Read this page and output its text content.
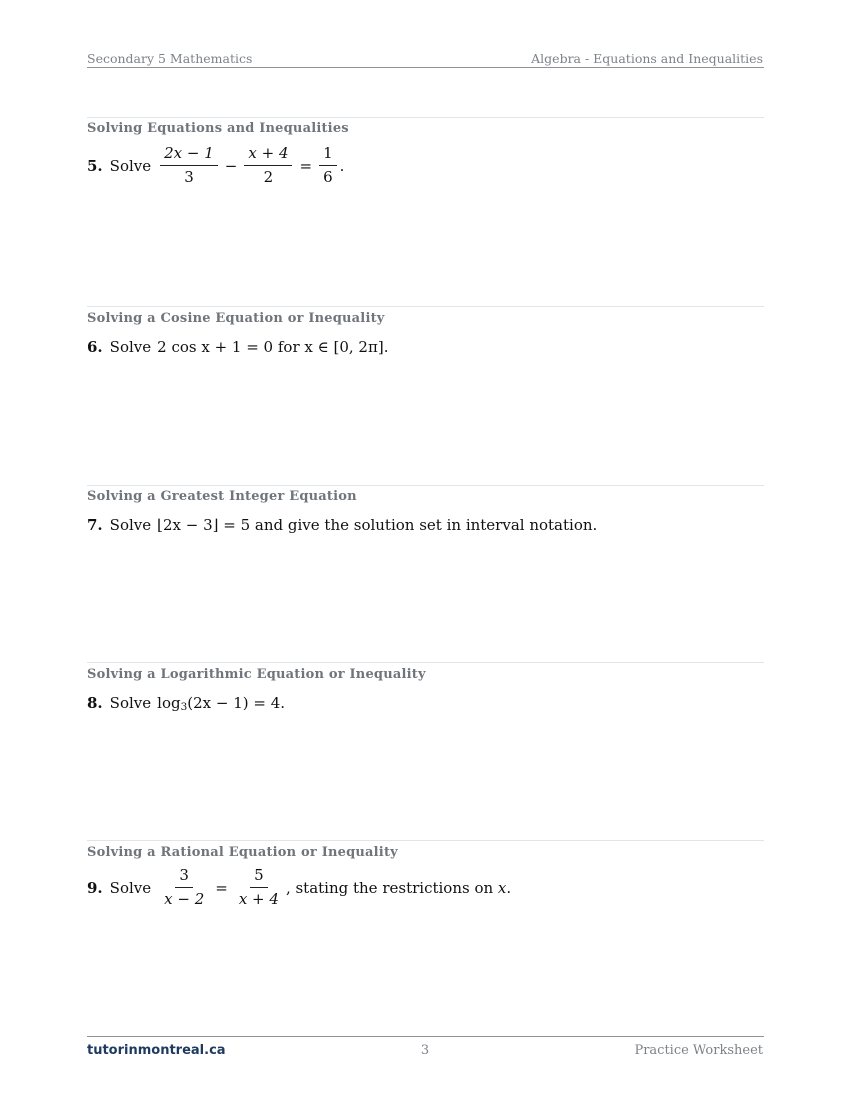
Secondary 5 Mathematics	Algebra - Equations and Inequalities
Solving Equations and Inequalities
5. Solve $\frac{2x - 1}{3} - \frac{x + 4}{2} = \frac{1}{6}$ .
Solving a Cosine Equation or Inequality
6. Solve 2 cos x + 1 = 0 for x ∈ [0, 2π] .
Solving a Greatest Integer Equation
7. Solve ⌊2x − 3⌋ = 5 and give the solution set in interval notation.
Solving a Logarithmic Equation or Inequality
8. Solve log 3 (2x − 1) = 4 .
Solving a Rational Equation or Inequality
9. Solve $\frac{3}{x - 2} = \frac{5}{x + 4}$ , stating the restrictions on x .
3
tutorinmontreal.ca	Practice Worksheet
